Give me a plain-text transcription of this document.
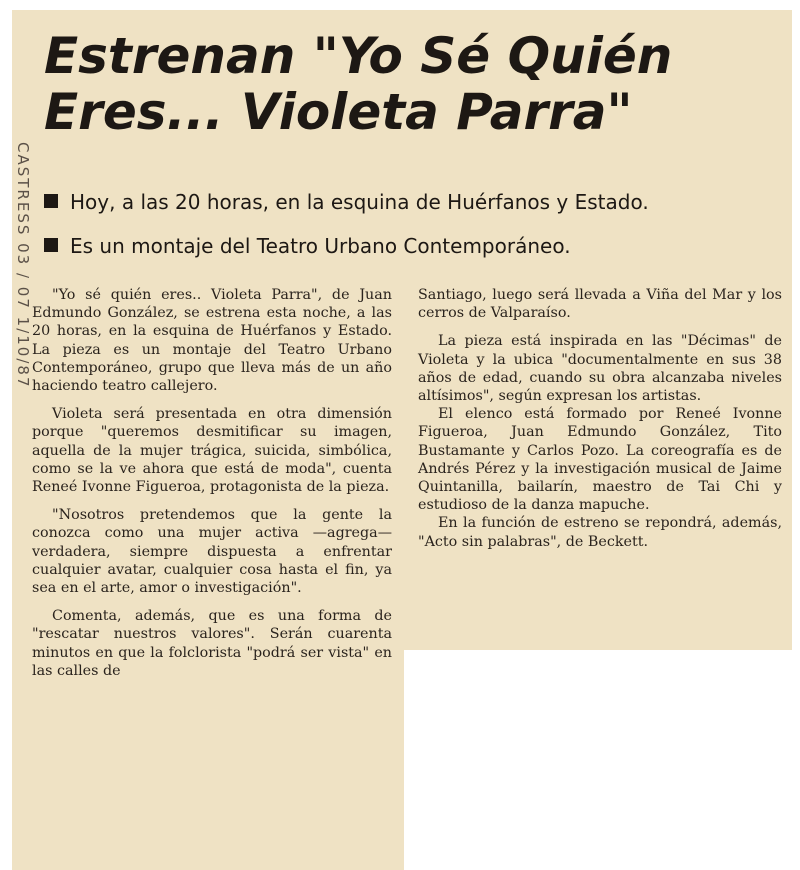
CASTRESS 03 / 07 1/10/87
Estrenan "Yo Sé Quién
Eres... Violeta Parra"
Hoy, a las 20 horas, en la esquina de Huérfanos y Estado.
Es un montaje del Teatro Urbano Contemporáneo.

"Yo sé quién eres.. Violeta Parra", de Juan Edmundo González, se estrena esta noche, a las 20 horas, en la esquina de Huérfanos y Estado. La pieza es un montaje del Teatro Urbano Contemporáneo, grupo que lleva más de un año haciendo teatro callejero.

Violeta será presentada en otra dimensión porque "queremos desmitificar su imagen, aquella de la mujer trágica, suicida, simbólica, como se la ve ahora que está de moda", cuenta Reneé Ivonne Figueroa, protagonista de la pieza.

"Nosotros pretendemos que la gente la conozca como una mujer activa —agrega— verdadera, siempre dispuesta a enfrentar cualquier avatar, cualquier cosa hasta el fin, ya sea en el arte, amor o investigación".

Comenta, además, que es una forma de "rescatar nuestros valores". Serán cuarenta minutos en que la folclorista "podrá ser vista" en las calles de

Santiago, luego será llevada a Viña del Mar y los cerros de Valparaíso.

La pieza está inspirada en las "Décimas" de Violeta y la ubica "documentalmente en sus 38 años de edad, cuando su obra alcanzaba niveles altísimos", según expresan los artistas.

El elenco está formado por Reneé Ivonne Figueroa, Juan Edmundo González, Tito Bustamante y Carlos Pozo. La coreografía es de Andrés Pérez y la investigación musical de Jaime Quintanilla, bailarín, maestro de Tai Chi y estudioso de la danza mapuche.

En la función de estreno se repondrá, además, "Acto sin palabras", de Beckett.
